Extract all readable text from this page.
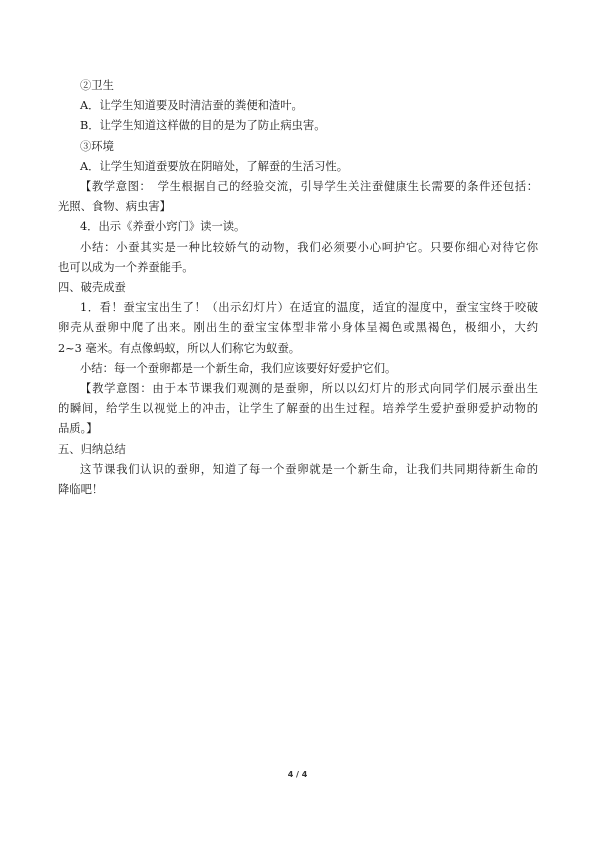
②卫生
A．让学生知道要及时清洁蚕的粪便和渣叶。
B．让学生知道这样做的目的是为了防止病虫害。
③环境
A．让学生知道蚕要放在阴暗处，了解蚕的生活习性。
【教学意图：　学生根据自己的经验交流，引导学生关注蚕健康生长需要的条件还包括：
光照、食物、病虫害】
4．出示《养蚕小窍门》读一读。
小结：小蚕其实是一种比较娇气的动物，我们必须要小心呵护它。只要你细心对待它你
也可以成为一个养蚕能手。
四、破壳成蚕
1．看！蚕宝宝出生了！（出示幻灯片）在适宜的温度，适宜的湿度中，蚕宝宝终于咬破
卵壳从蚕卵中爬了出来。刚出生的蚕宝宝体型非常小身体呈褐色或黑褐色，极细小，大约
2~3 毫米。有点像蚂蚁，所以人们称它为蚁蚕。
小结：每一个蚕卵都是一个新生命，我们应该要好好爱护它们。
【教学意图：由于本节课我们观测的是蚕卵，所以以幻灯片的形式向同学们展示蚕出生
的瞬间，给学生以视觉上的冲击，让学生了解蚕的出生过程。培养学生爱护蚕卵爱护动物的
品质。】
五、归纳总结
这节课我们认识的蚕卵，知道了每一个蚕卵就是一个新生命，让我们共同期待新生命的
降临吧！
4 / 4
